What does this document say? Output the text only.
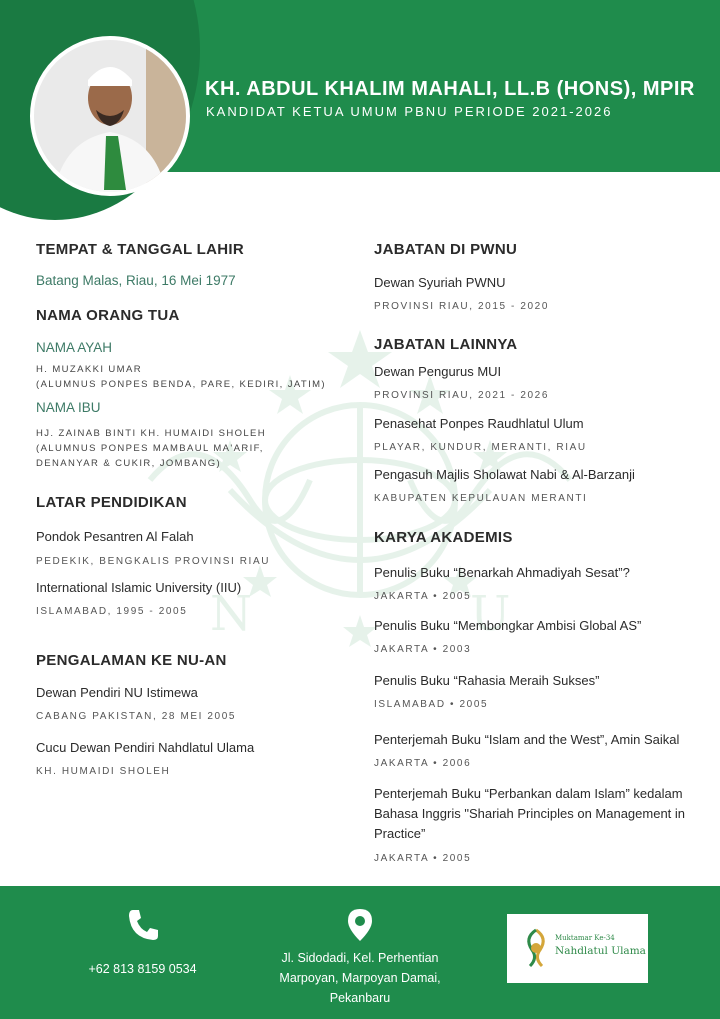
KH. ABDUL KHALIM MAHALI, LL.B (HONS), MPIR
KANDIDAT KETUA UMUM PBNU PERIODE 2021-2026
N	U
TEMPAT & TANGGAL LAHIR
Batang Malas, Riau, 16 Mei 1977
NAMA ORANG TUA
NAMA AYAH
H. MUZAKKI UMAR
(ALUMNUS PONPES BENDA, PARE, KEDIRI, JATIM)
NAMA IBU
HJ. ZAINAB BINTI KH. HUMAIDI SHOLEH
(ALUMNUS PONPES MAMBAUL MA'ARIF,
DENANYAR & CUKIR, JOMBANG)
LATAR PENDIDIKAN
Pondok Pesantren Al Falah
PEDEKIK, BENGKALIS PROVINSI RIAU
International Islamic University (IIU)
ISLAMABAD, 1995 - 2005
PENGALAMAN KE NU-AN
Dewan Pendiri NU Istimewa
CABANG PAKISTAN, 28 MEI 2005
Cucu Dewan Pendiri Nahdlatul Ulama
KH. HUMAIDI SHOLEH
JABATAN DI PWNU
Dewan Syuriah PWNU
PROVINSI RIAU, 2015 - 2020
JABATAN LAINNYA
Dewan Pengurus MUI
PROVINSI RIAU, 2021 - 2026
Penasehat Ponpes Raudhlatul Ulum
PLAYAR, KUNDUR, MERANTI, RIAU
Pengasuh Majlis Sholawat Nabi & Al-Barzanji
KABUPATEN KEPULAUAN MERANTI
KARYA AKADEMIS
Penulis Buku “Benarkah Ahmadiyah Sesat”?
JAKARTA • 2005
Penulis Buku “Membongkar Ambisi Global AS”
JAKARTA • 2003
Penulis Buku “Rahasia Meraih Sukses”
ISLAMABAD • 2005
Penterjemah Buku “Islam and the West”, Amin Saikal
JAKARTA • 2006
Penterjemah Buku “Perbankan dalam Islam” kedalam
Bahasa Inggris "Shariah Principles on Management in
Practice”
JAKARTA • 2005
+62 813 8159 0534
Jl. Sidodadi, Kel. Perhentian
Marpoyan, Marpoyan Damai,
Pekanbaru
Muktamar Ke-34
Nahdlatul Ulama
